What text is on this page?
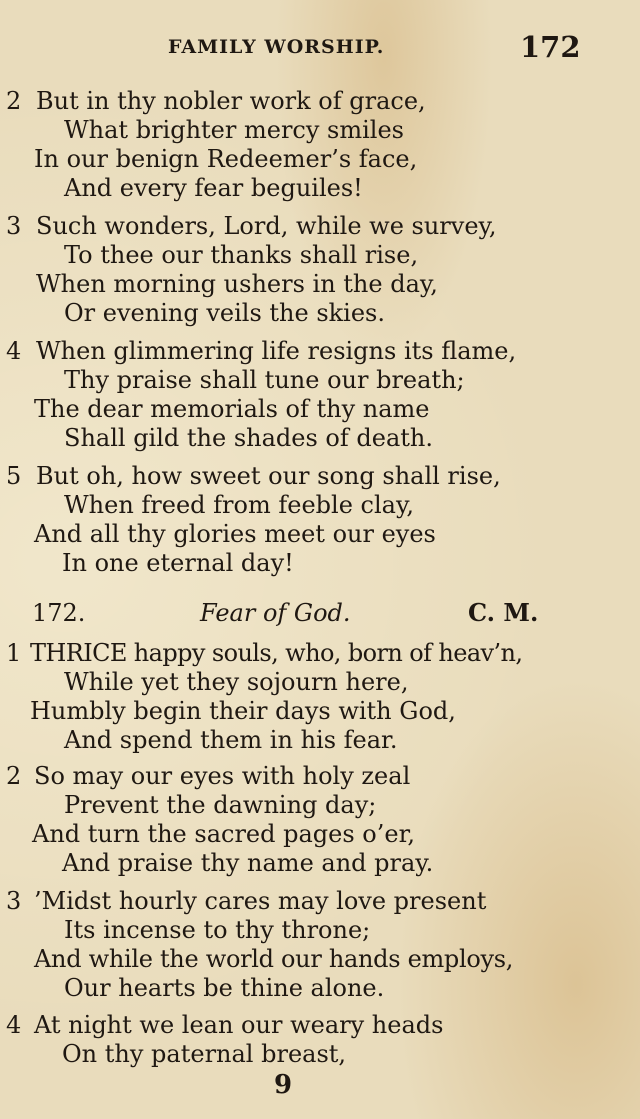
FAMILY WORSHIP.	172
2 But in thy nobler work of grace,
What brighter mercy smiles
In our benign Redeemer’s face,
And every fear beguiles!
3 Such wonders, Lord, while we survey,
To thee our thanks shall rise,
When morning ushers in the day,
Or evening veils the skies.
4 When glimmering life resigns its flame,
Thy praise shall tune our breath;
The dear memorials of thy name
Shall gild the shades of death.
5 But oh, how sweet our song shall rise,
When freed from feeble clay,
And all thy glories meet our eyes
In one eternal day!
172.	Fear of God.	C. M.
1 THRICE happy souls, who, born of heav’n,
While yet they sojourn here,
Humbly begin their days with God,
And spend them in his fear.
2 So may our eyes with holy zeal
Prevent the dawning day;
And turn the sacred pages o’er,
And praise thy name and pray.
3 ’Midst hourly cares may love present
Its incense to thy throne;
And while the world our hands employs,
Our hearts be thine alone.
4 At night we lean our weary heads
On thy paternal breast,
9
